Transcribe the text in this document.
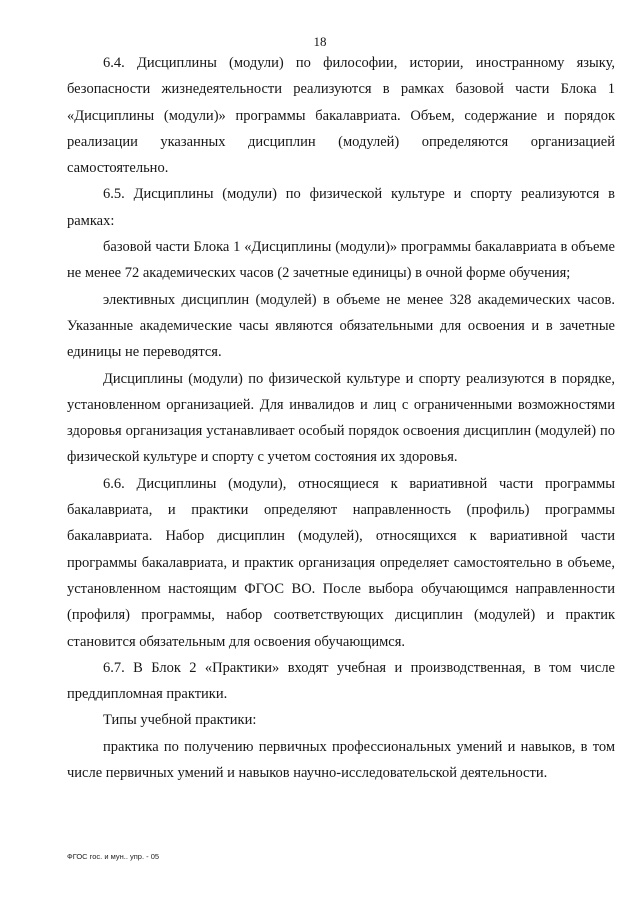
18

6.4. Дисциплины (модули) по философии, истории, иностранному языку, безопасности жизнедеятельности реализуются в рамках базовой части Блока 1 «Дисциплины (модули)» программы бакалавриата. Объем, содержание и порядок реализации указанных дисциплин (модулей) определяются организацией самостоятельно.

6.5. Дисциплины (модули) по физической культуре и спорту реализуются в рамках:

базовой части Блока 1 «Дисциплины (модули)» программы бакалавриата в объеме не менее 72 академических часов (2 зачетные единицы) в очной форме обучения;

элективных дисциплин (модулей) в объеме не менее 328 академических часов. Указанные академические часы являются обязательными для освоения и в зачетные единицы не переводятся.

Дисциплины (модули) по физической культуре и спорту реализуются в порядке, установленном организацией. Для инвалидов и лиц с ограниченными возможностями здоровья организация устанавливает особый порядок освоения дисциплин (модулей) по физической культуре и спорту с учетом состояния их здоровья.

6.6. Дисциплины (модули), относящиеся к вариативной части программы бакалавриата, и практики определяют направленность (профиль) программы бакалавриата. Набор дисциплин (модулей), относящихся к вариативной части программы бакалавриата, и практик организация определяет самостоятельно в объеме, установленном настоящим ФГОС ВО. После выбора обучающимся направленности (профиля) программы, набор соответствующих дисциплин (модулей) и практик становится обязательным для освоения обучающимся.

6.7. В Блок 2 «Практики» входят учебная и производственная, в том числе преддипломная практики.

Типы учебной практики:

практика по получению первичных профессиональных умений и навыков, в том числе первичных умений и навыков научно-исследовательской деятельности.

ФГОС гос. и мун.. упр. - 05
